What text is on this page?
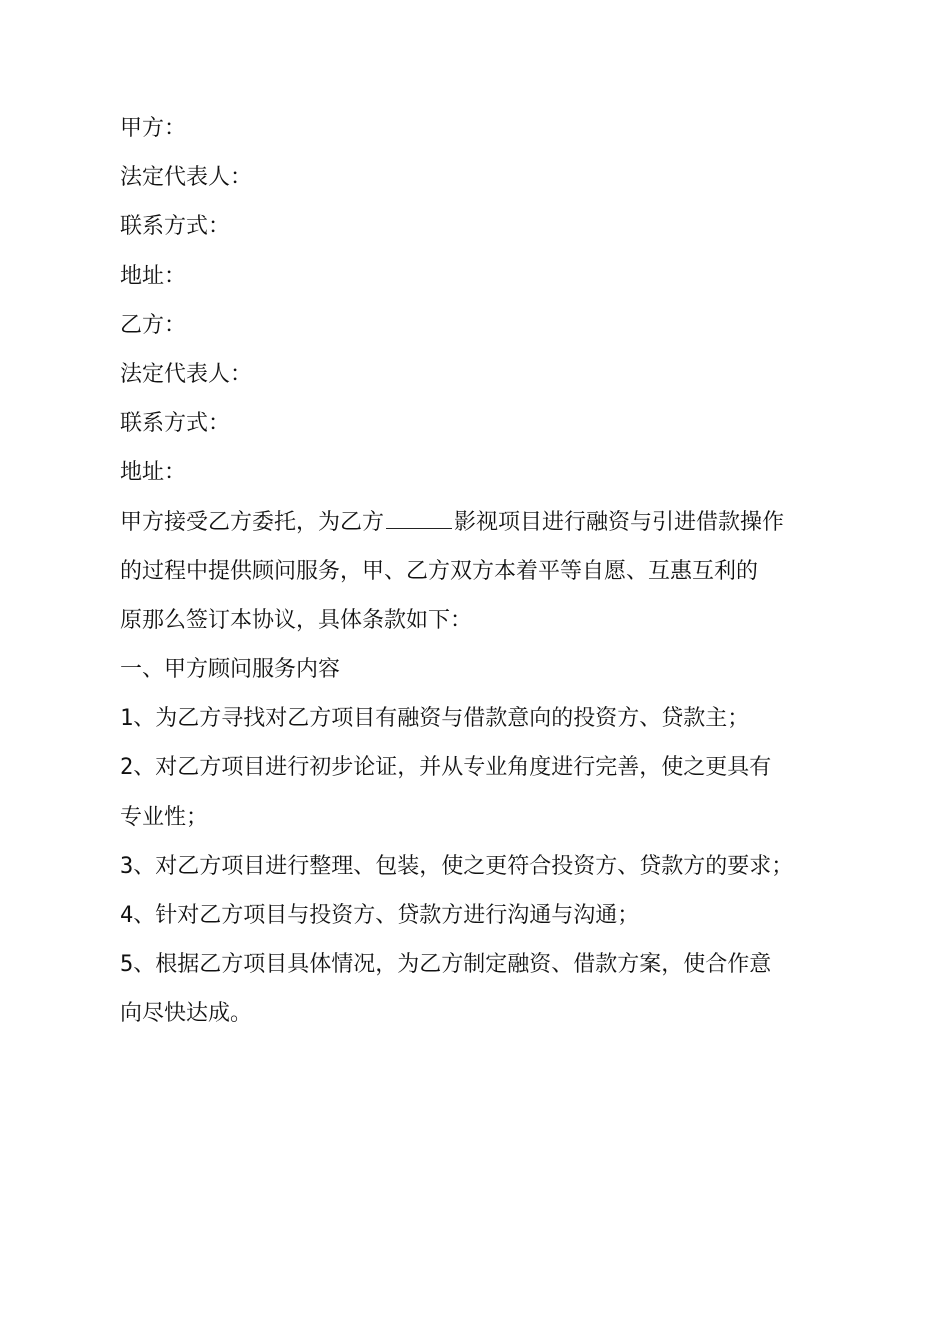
甲方：
法定代表人：
联系方式：
地址：
乙方：
法定代表人：
联系方式：
地址：
甲方接受乙方委托，为乙方	影视项目进行融资与引进借款操作
的过程中提供顾问服务，甲、乙方双方本着平等自愿、互惠互利的
原那么签订本协议，具体条款如下：
一、甲方顾问服务内容
1、为乙方寻找对乙方项目有融资与借款意向的投资方、贷款主；
2、对乙方项目进行初步论证，并从专业角度进行完善，使之更具有
专业性；
3、对乙方项目进行整理、包装，使之更符合投资方、贷款方的要求；
4、针对乙方项目与投资方、贷款方进行沟通与沟通；
5、根据乙方项目具体情况，为乙方制定融资、借款方案，使合作意
向尽快达成。
